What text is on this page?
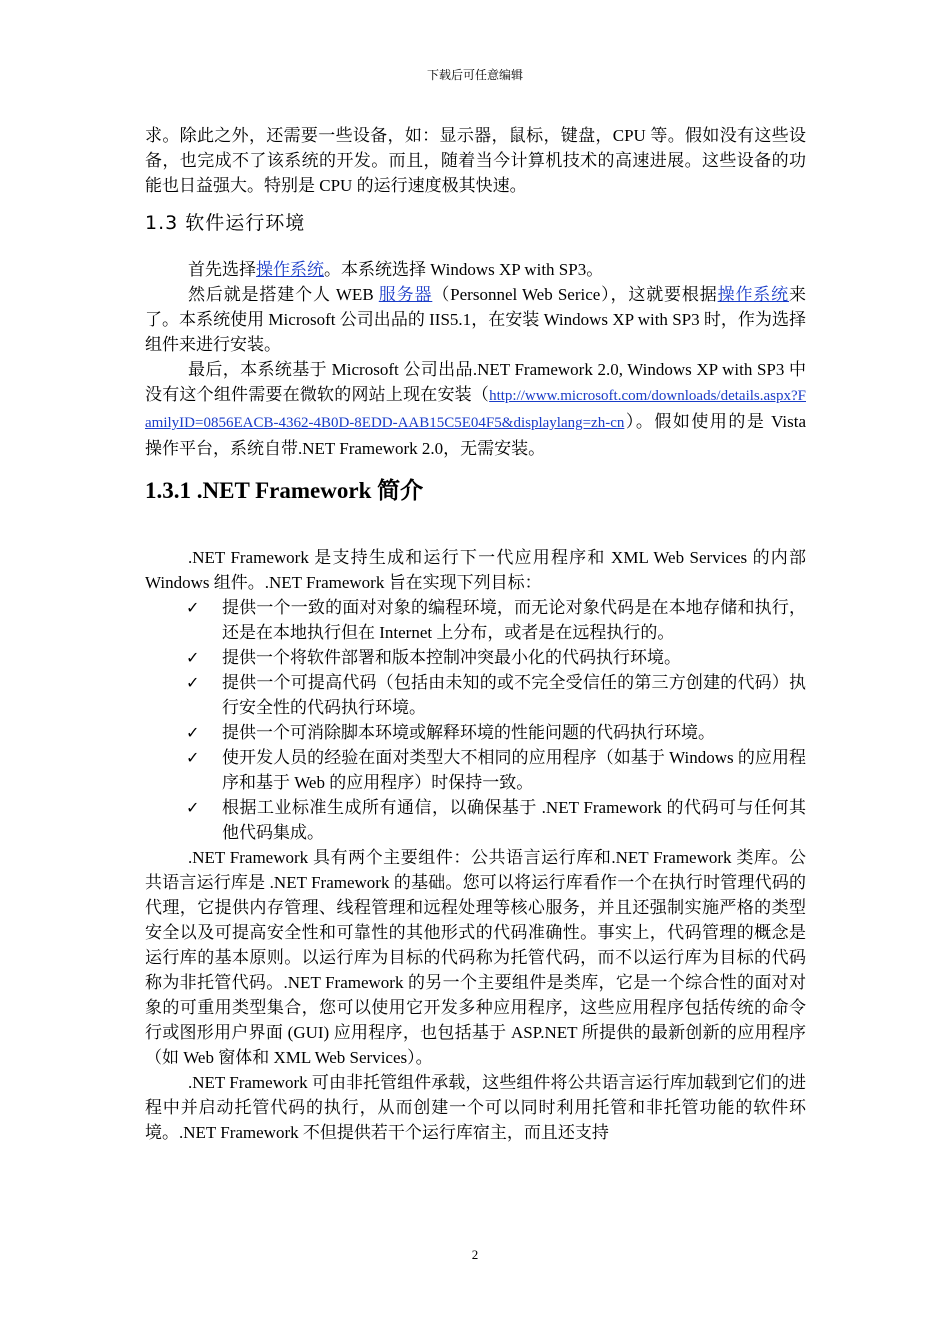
下载后可任意编辑

求。除此之外，还需要一些设备，如：显示器，鼠标，键盘，CPU 等。假如没有这些设备，也完成不了该系统的开发。而且，随着当今计算机技术的高速进展。这些设备的功能也日益强大。特别是 CPU 的运行速度极其快速。

1.3 软件运行环境

首先选择操作系统。本系统选择 Windows XP with SP3。

然后就是搭建个人 WEB 服务器（Personnel Web Serice），这就要根据操作系统来了。本系统使用 Microsoft 公司出品的 IIS5.1，在安装 Windows XP with SP3 时，作为选择组件来进行安装。

最后，本系统基于 Microsoft 公司出品.NET Framework 2.0, Windows XP with SP3 中没有这个组件需要在微软的网站上现在安装（http://www.microsoft.com/downloads/details.aspx?FamilyID=0856EACB-4362-4B0D-8EDD-AAB15C5E04F5&displaylang=zh-cn）。假如使用的是 Vista 操作平台，系统自带.NET Framework 2.0，无需安装。

1.3.1 .NET Framework 简介

.NET Framework 是支持生成和运行下一代应用程序和 XML Web Services 的内部 Windows 组件。.NET Framework 旨在实现下列目标：

✓ 提供一个一致的面对对象的编程环境，而无论对象代码是在本地存储和执行，还是在本地执行但在 Internet 上分布，或者是在远程执行的。
✓ 提供一个将软件部署和版本控制冲突最小化的代码执行环境。
✓ 提供一个可提高代码（包括由未知的或不完全受信任的第三方创建的代码）执行安全性的代码执行环境。
✓ 提供一个可消除脚本环境或解释环境的性能问题的代码执行环境。
✓ 使开发人员的经验在面对类型大不相同的应用程序（如基于 Windows 的应用程序和基于 Web 的应用程序）时保持一致。
✓ 根据工业标准生成所有通信，以确保基于 .NET Framework 的代码可与任何其他代码集成。

.NET Framework 具有两个主要组件：公共语言运行库和.NET Framework 类库。公共语言运行库是 .NET Framework 的基础。您可以将运行库看作一个在执行时管理代码的代理，它提供内存管理、线程管理和远程处理等核心服务，并且还强制实施严格的类型安全以及可提高安全性和可靠性的其他形式的代码准确性。事实上，代码管理的概念是运行库的基本原则。以运行库为目标的代码称为托管代码，而不以运行库为目标的代码称为非托管代码。.NET Framework 的另一个主要组件是类库，它是一个综合性的面对对象的可重用类型集合，您可以使用它开发多种应用程序，这些应用程序包括传统的命令行或图形用户界面 (GUI) 应用程序，也包括基于 ASP.NET 所提供的最新创新的应用程序（如 Web 窗体和 XML Web Services）。

.NET Framework 可由非托管组件承载，这些组件将公共语言运行库加载到它们的进程中并启动托管代码的执行，从而创建一个可以同时利用托管和非托管功能的软件环境。.NET Framework 不但提供若干个运行库宿主，而且还支持

2
